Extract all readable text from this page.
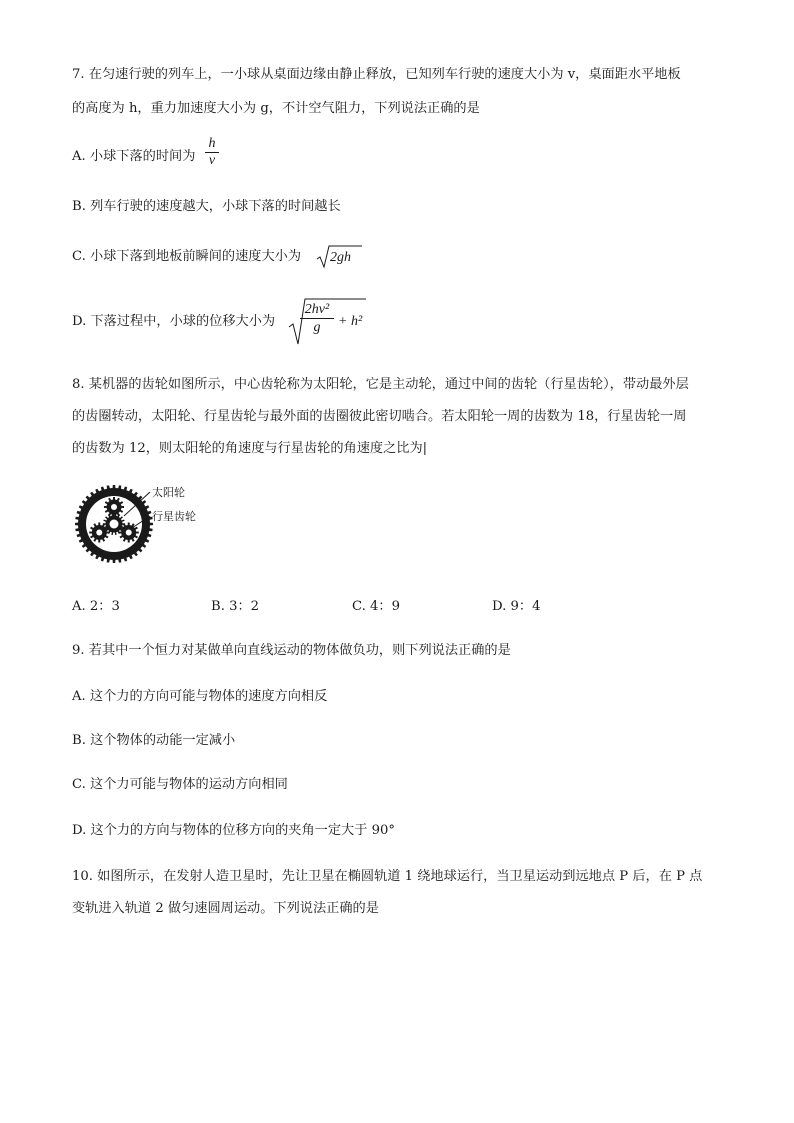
7. 在匀速行驶的列车上，一小球从桌面边缘由静止释放，已知列车行驶的速度大小为 v，桌面距水平地板
的高度为 h，重力加速度大小为 g，不计空气阻力，下列说法正确的是
A. 小球下落的时间为
h
v
B. 列车行驶的速度越大，小球下落的时间越长
C. 小球下落到地板前瞬间的速度大小为 2gh
D. 下落过程中，小球的位移大小为
2hv²
g	+ h²
8. 某机器的齿轮如图所示，中心齿轮称为太阳轮，它是主动轮，通过中间的齿轮（行星齿轮），带动最外层
的齿圈转动，太阳轮、行星齿轮与最外面的齿圈彼此密切啮合。若太阳轮一周的齿数为 18，行星齿轮一周
的齿数为 12，则太阳轮的角速度与行星齿轮的角速度之比为|
太阳轮
行星齿轮
A. 2：3	B. 3：2	C. 4：9	D. 9：4
9. 若其中一个恒力对某做单向直线运动的物体做负功，则下列说法正确的是
A. 这个力的方向可能与物体的速度方向相反
B. 这个物体的动能一定减小
C. 这个力可能与物体的运动方向相同
D. 这个力的方向与物体的位移方向的夹角一定大于 90°
10. 如图所示，在发射人造卫星时，先让卫星在椭圆轨道 1 绕地球运行，当卫星运动到远地点 P 后，在 P 点
变轨进入轨道 2 做匀速圆周运动。下列说法正确的是
